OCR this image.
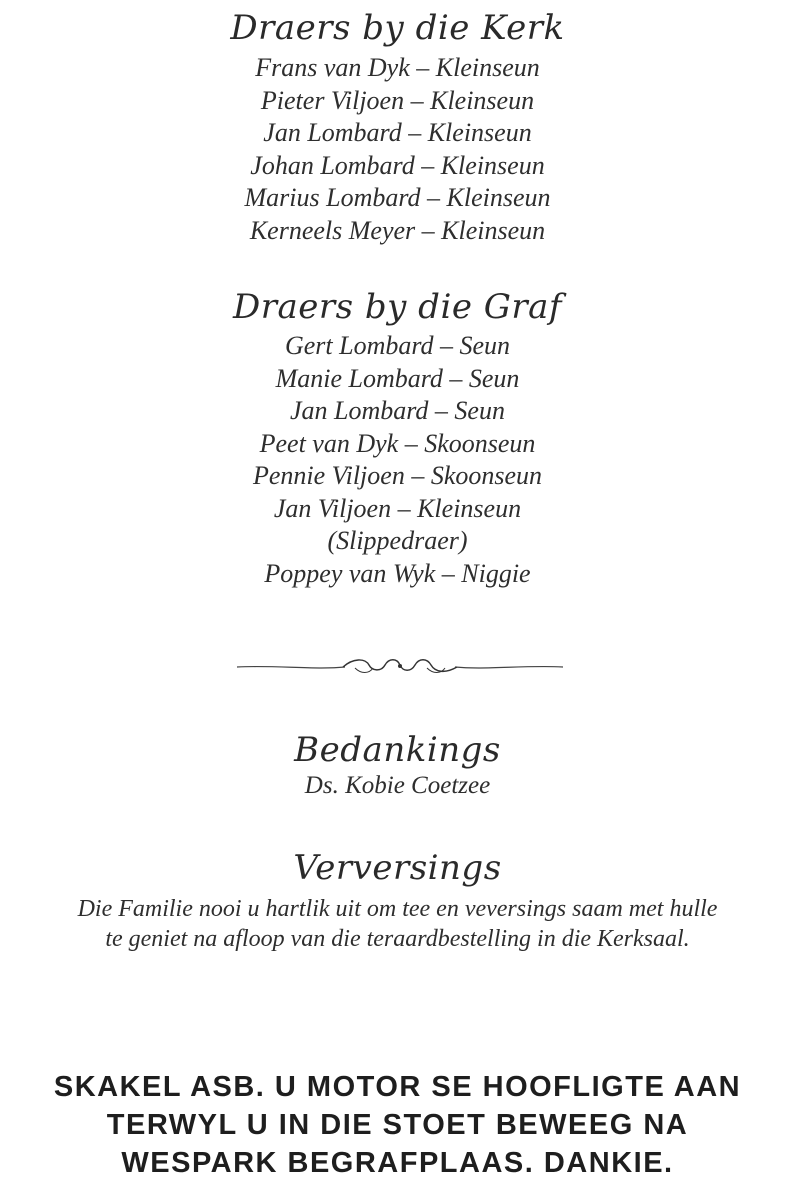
Draers by die Kerk
Frans van Dyk – Kleinseun
Pieter Viljoen – Kleinseun
Jan Lombard – Kleinseun
Johan Lombard – Kleinseun
Marius Lombard – Kleinseun
Kerneels Meyer – Kleinseun
Draers by die Graf
Gert Lombard – Seun
Manie Lombard – Seun
Jan Lombard – Seun
Peet van Dyk – Skoonseun
Pennie Viljoen – Skoonseun
Jan Viljoen – Kleinseun
(Slippedraer)
Poppey van Wyk – Niggie
Bedankings
Ds. Kobie Coetzee
Verversings
Die Familie nooi u hartlik uit om tee en veversings saam met hulle
te geniet na afloop van die teraardbestelling in die Kerksaal.
SKAKEL ASB. U MOTOR SE HOOFLIGTE AAN
TERWYL U IN DIE STOET BEWEEG NA
WESPARK BEGRAFPLAAS. DANKIE.
